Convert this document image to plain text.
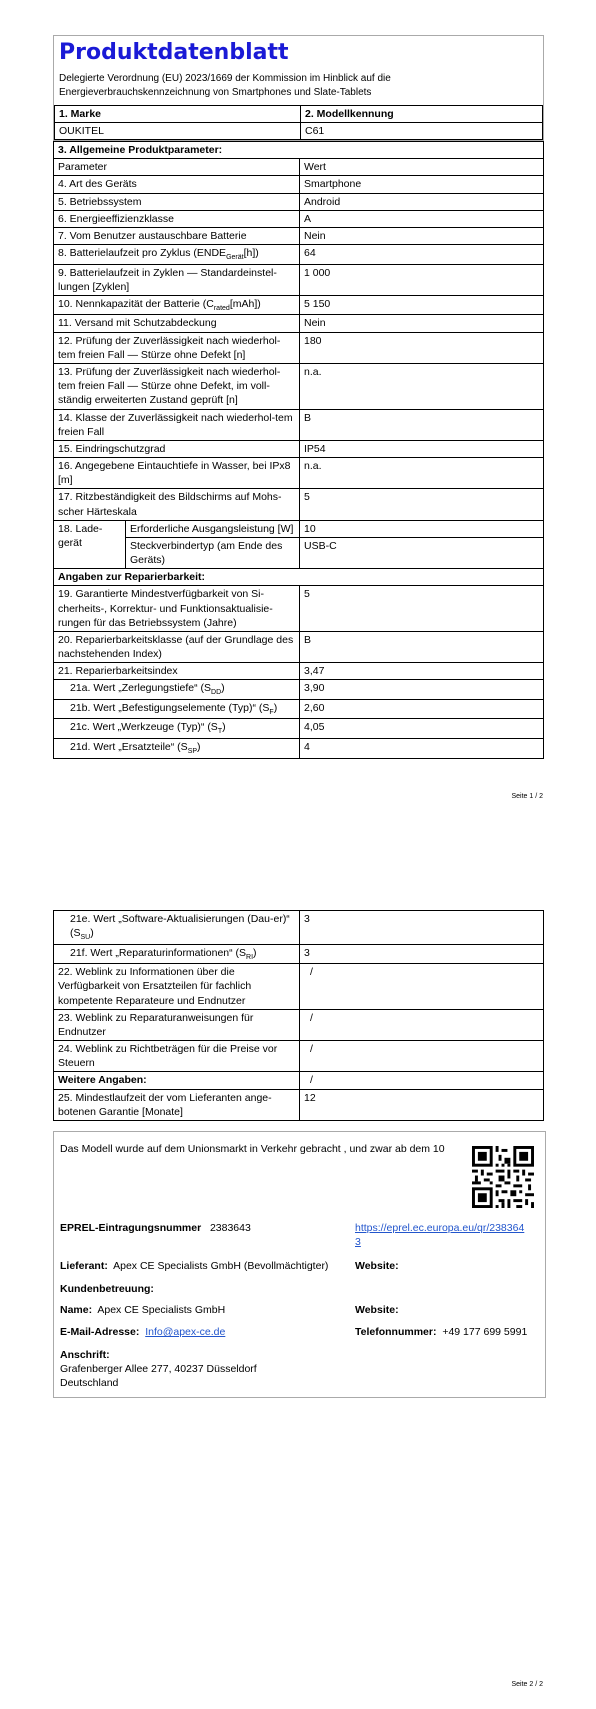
Produktdatenblatt
Delegierte Verordnung (EU) 2023/1669 der Kommission im Hinblick auf die Energieverbrauchskennzeichnung von Smartphones und Slate-Tablets
1. Marke	2. Modellkennung
OUKITEL	C61
3. Allgemeine Produktparameter:		
Parameter		Wert
4. Art des Geräts		Smartphone
5. Betriebssystem		Android
6. Energieeffizienzklasse		A
7. Vom Benutzer austauschbare Batterie		Nein
8. Batterielaufzeit pro Zyklus $(ENDE_{Gerät}[h])$		64
9. Batterielaufzeit in Zyklen — Standardeinstel-lungen [Zyklen]		1 000
10. Nennkapazität der Batterie $(C_{rated}[mAh])$		5 150
11. Versand mit Schutzabdeckung		Nein
12. Prüfung der Zuverlässigkeit nach wiederhol-tem freien Fall — Stürze ohne Defekt [n]		180
13. Prüfung der Zuverlässigkeit nach wiederhol-tem freien Fall — Stürze ohne Defekt, im voll-ständig erweiterten Zustand geprüft [n]		n.a.
14. Klasse der Zuverlässigkeit nach wiederhol-tem freien Fall		B
15. Eindringschutzgrad		IP54
16. Angegebene Eintauchtiefe in Wasser, bei IPx8 [m]		n.a.
17. Ritzbeständigkeit des Bildschirms auf Mohs-scher Härteskala		5
18. Lade-gerät	Erforderliche Ausgangsleistung [W]	10
	Steckverbindertyp (am Ende des Geräts)	USB-C
Angaben zur Reparierbarkeit:		
19. Garantierte Mindestverfügbarkeit von Si-cherheits-, Korrektur- und Funktionsaktualisie-rungen für das Betriebssystem (Jahre)		5
20. Reparierbarkeitsklasse (auf der Grundlage des nachstehenden Index)		B
21. Reparierbarkeitsindex		3,47
21a. Wert „Zerlegungstiefe“ $(S_{DD})$		3,90
21b. Wert „Befestigungselemente (Typ)“ $(S_F)$		2,60
21c. Wert „Werkzeuge (Typ)“ $(S_T)$		4,05
21d. Wert „Ersatzteile“ $(S_{SP})$		4
Seite 1 / 2
21e. Wert „Software-Aktualisierungen (Dau-er)“ $(S_{SU})$	3
21f. Wert „Reparaturinformationen“ $(S_{RI})$	3
22. Weblink zu Informationen über die Verfügbarkeit von Ersatzteilen für fachlich kompetente Reparateure und Endnutzer	/
23. Weblink zu Reparaturanweisungen für Endnutzer	/
24. Weblink zu Richtbeträgen für die Preise vor Steuern	/
Weitere Angaben:	/
25. Mindestlaufzeit der vom Lieferanten ange-botenen Garantie [Monate]	12
Das Modell wurde auf dem Unionsmarkt in Verkehr gebracht , und zwar ab dem 10
EPREL-Eintragungsnummer 2383643	https://eprel.ec.europa.eu/qr/2383643
Lieferant: Apex CE Specialists GmbH (Bevollmächtigter)	Website:
Kundenbetreuung:
Name: Apex CE Specialists GmbH	Website:
E-Mail-Adresse: Info@apex-ce.de	Telefonnummer: +49 177 699 5991
Anschrift:
Grafenberger Allee 277, 40237 Düsseldorf
Deutschland
Seite 2 / 2
